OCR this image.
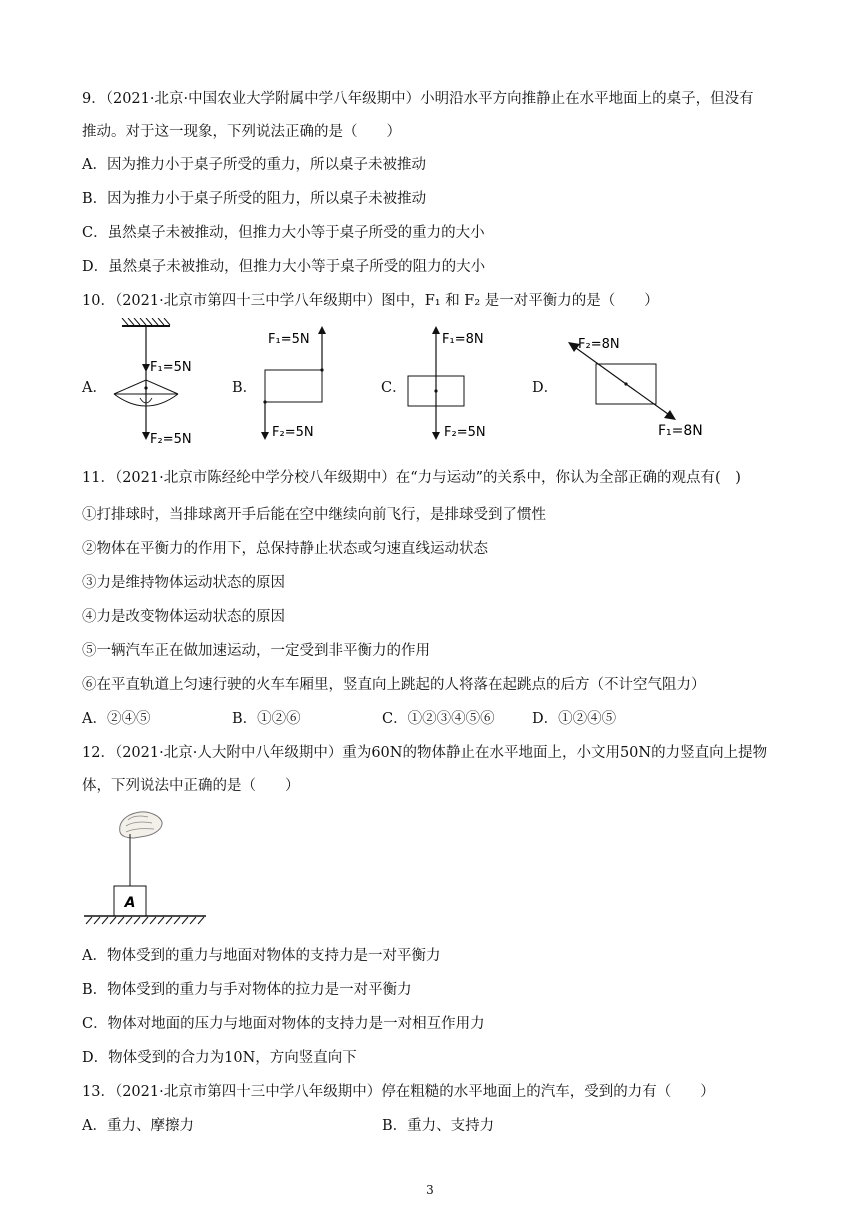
9．（2021·北京·中国农业大学附属中学八年级期中）小明沿水平方向推静止在水平地面上的桌子，但没有
推动。对于这一现象，下列说法正确的是（　　）
A．因为推力小于桌子所受的重力，所以桌子未被推动
B．因为推力小于桌子所受的阻力，所以桌子未被推动
C．虽然桌子未被推动，但推力大小等于桌子所受的重力的大小
D．虽然桌子未被推动，但推力大小等于桌子所受的阻力的大小
10．（2021·北京市第四十三中学八年级期中）图中，F₁ 和 F₂ 是一对平衡力的是（　　）
A．	B．	C．	D．
F₁=5N
F₂=5N
F₁=5N
F₂=5N
F₁=8N
F₂=5N
F₂=8N
F₁=8N
11．（2021·北京市陈经纶中学分校八年级期中）在“力与运动”的关系中，你认为全部正确的观点有(　)
①打排球时，当排球离开手后能在空中继续向前飞行，是排球受到了惯性
②物体在平衡力的作用下，总保持静止状态或匀速直线运动状态
③力是维持物体运动状态的原因
④力是改变物体运动状态的原因
⑤一辆汽车正在做加速运动，一定受到非平衡力的作用
⑥在平直轨道上匀速行驶的火车车厢里，竖直向上跳起的人将落在起跳点的后方（不计空气阻力）
A．②④⑤	B．①②⑥	C．①②③④⑤⑥	D．①②④⑤
12．（2021·北京·人大附中八年级期中）重为60N的物体静止在水平地面上，小文用50N的力竖直向上提物
体，下列说法中正确的是（　　）
A
A．物体受到的重力与地面对物体的支持力是一对平衡力
B．物体受到的重力与手对物体的拉力是一对平衡力
C．物体对地面的压力与地面对物体的支持力是一对相互作用力
D．物体受到的合力为10N，方向竖直向下
13．（2021·北京市第四十三中学八年级期中）停在粗糙的水平地面上的汽车，受到的力有（　　）
A．重力、摩擦力	B．重力、支持力
3
